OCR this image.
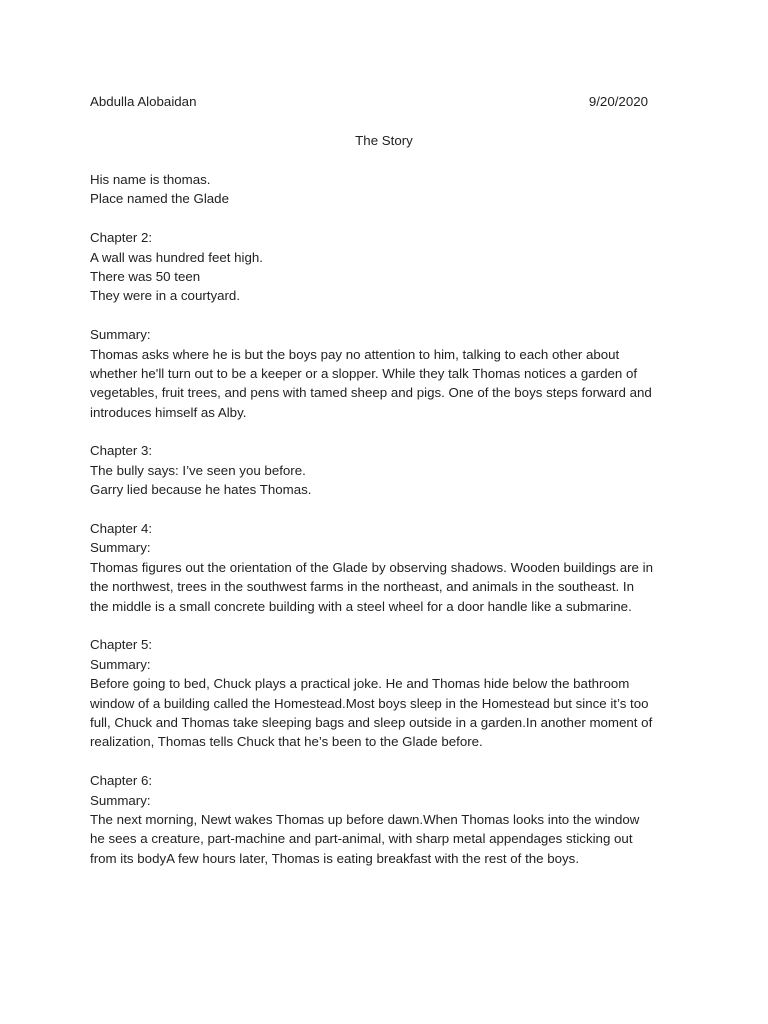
Abdulla Alobaidan	9/20/2020
The Story
His name is thomas.
Place named the Glade
Chapter 2:
A wall was hundred feet high.
There was 50 teen
They were in a courtyard.
Summary:
Thomas asks where he is but the boys pay no attention to him, talking to each other about
whether he'll turn out to be a keeper or a slopper. While they talk Thomas notices a garden of
vegetables, fruit trees, and pens with tamed sheep and pigs. One of the boys steps forward and
introduces himself as Alby.
Chapter 3:
The bully says: I’ve seen you before.
Garry lied because he hates Thomas.
Chapter 4:
Summary:
Thomas figures out the orientation of the Glade by observing shadows. Wooden buildings are in
the northwest, trees in the southwest farms in the northeast, and animals in the southeast. In
the middle is a small concrete building with a steel wheel for a door handle like a submarine.
Chapter 5:
Summary:
Before going to bed, Chuck plays a practical joke. He and Thomas hide below the bathroom
window of a building called the Homestead.Most boys sleep in the Homestead but since it’s too
full, Chuck and Thomas take sleeping bags and sleep outside in a garden.In another moment of
realization, Thomas tells Chuck that he’s been to the Glade before.
Chapter 6:
Summary:
The next morning, Newt wakes Thomas up before dawn.When Thomas looks into the window
he sees a creature, part-machine and part-animal, with sharp metal appendages sticking out
from its bodyA few hours later, Thomas is eating breakfast with the rest of the boys.
